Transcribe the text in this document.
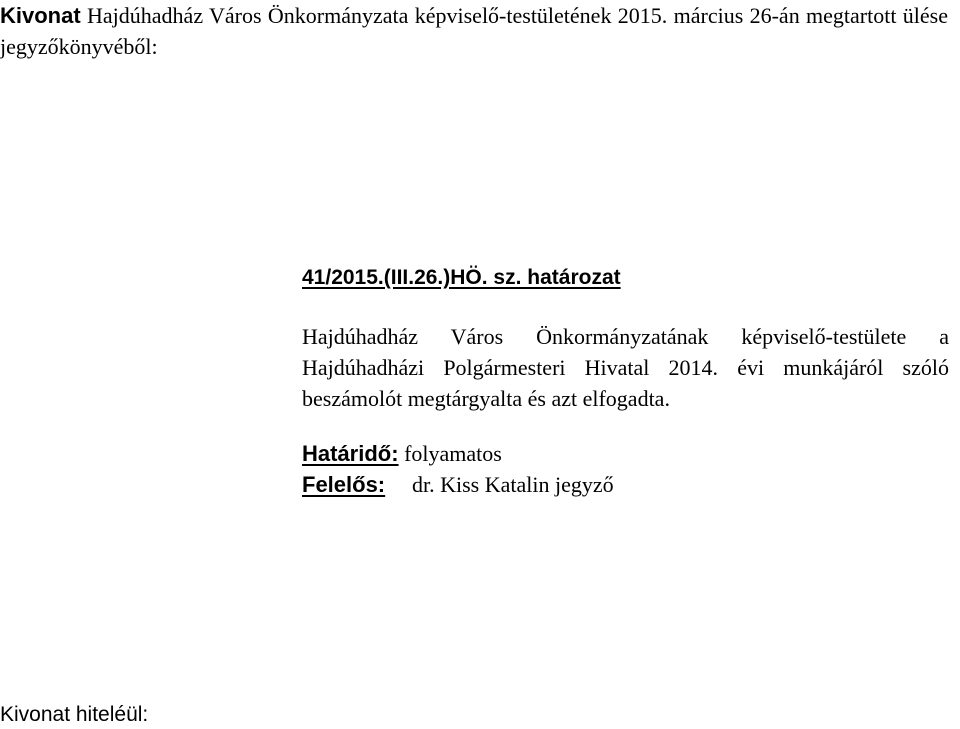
Kivonat Hajdúhadház Város Önkormányzata képviselő-testületének 2015. március 26-án megtartott ülése jegyzőkönyvéből:
41/2015.(III.26.)HÖ. sz. határozat
Hajdúhadház Város Önkormányzatának képviselő-testülete a
Hajdúhadházi Polgármesteri Hivatal 2014. évi munkájáról szóló
beszámolót megtárgyalta és azt elfogadta.
Határidő: folyamatos
Felelős: dr. Kiss Katalin jegyző
Kivonat hiteléül:
